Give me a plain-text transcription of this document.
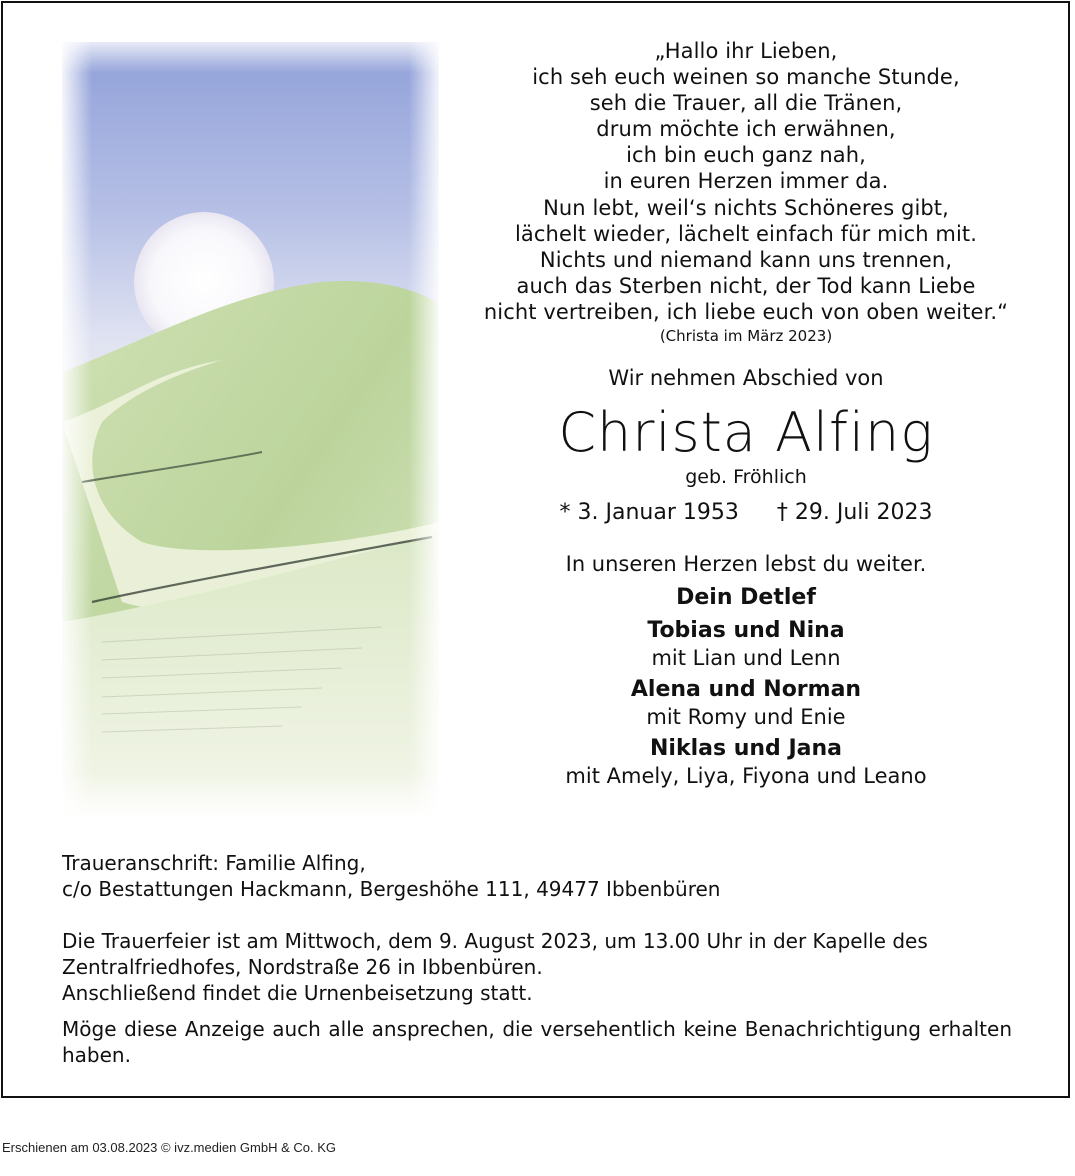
„Hallo ihr Lieben,
ich seh euch weinen so manche Stunde,
seh die Trauer, all die Tränen,
drum möchte ich erwähnen,
ich bin euch ganz nah,
in euren Herzen immer da.
Nun lebt, weil‘s nichts Schöneres gibt,
lächelt wieder, lächelt einfach für mich mit.
Nichts und niemand kann uns trennen,
auch das Sterben nicht, der Tod kann Liebe
nicht vertreiben, ich liebe euch von oben weiter.“
(Christa im März 2023)
Wir nehmen Abschied von
Christa Alfing
geb. Fröhlich
* 3. Januar 1953 † 29. Juli 2023
In unseren Herzen lebst du weiter.
Dein Detlef
Tobias und Nina
mit Lian und Lenn
Alena und Norman
mit Romy und Enie
Niklas und Jana
mit Amely, Liya, Fiyona und Leano

Traueranschrift: Familie Alfing,

c/o Bestattungen Hackmann, Bergeshöhe 111, 49477 Ibbenbüren

Die Trauerfeier ist am Mittwoch, dem 9. August 2023, um 13.00 Uhr in der Kapelle des

Zentralfriedhofes, Nordstraße 26 in Ibbenbüren.

Anschließend findet die Urnenbeisetzung statt.

Möge diese Anzeige auch alle ansprechen, die versehentlich keine Benachrichtigung erhalten haben.

Erschienen am 03.08.2023 © ivz.medien GmbH & Co. KG
